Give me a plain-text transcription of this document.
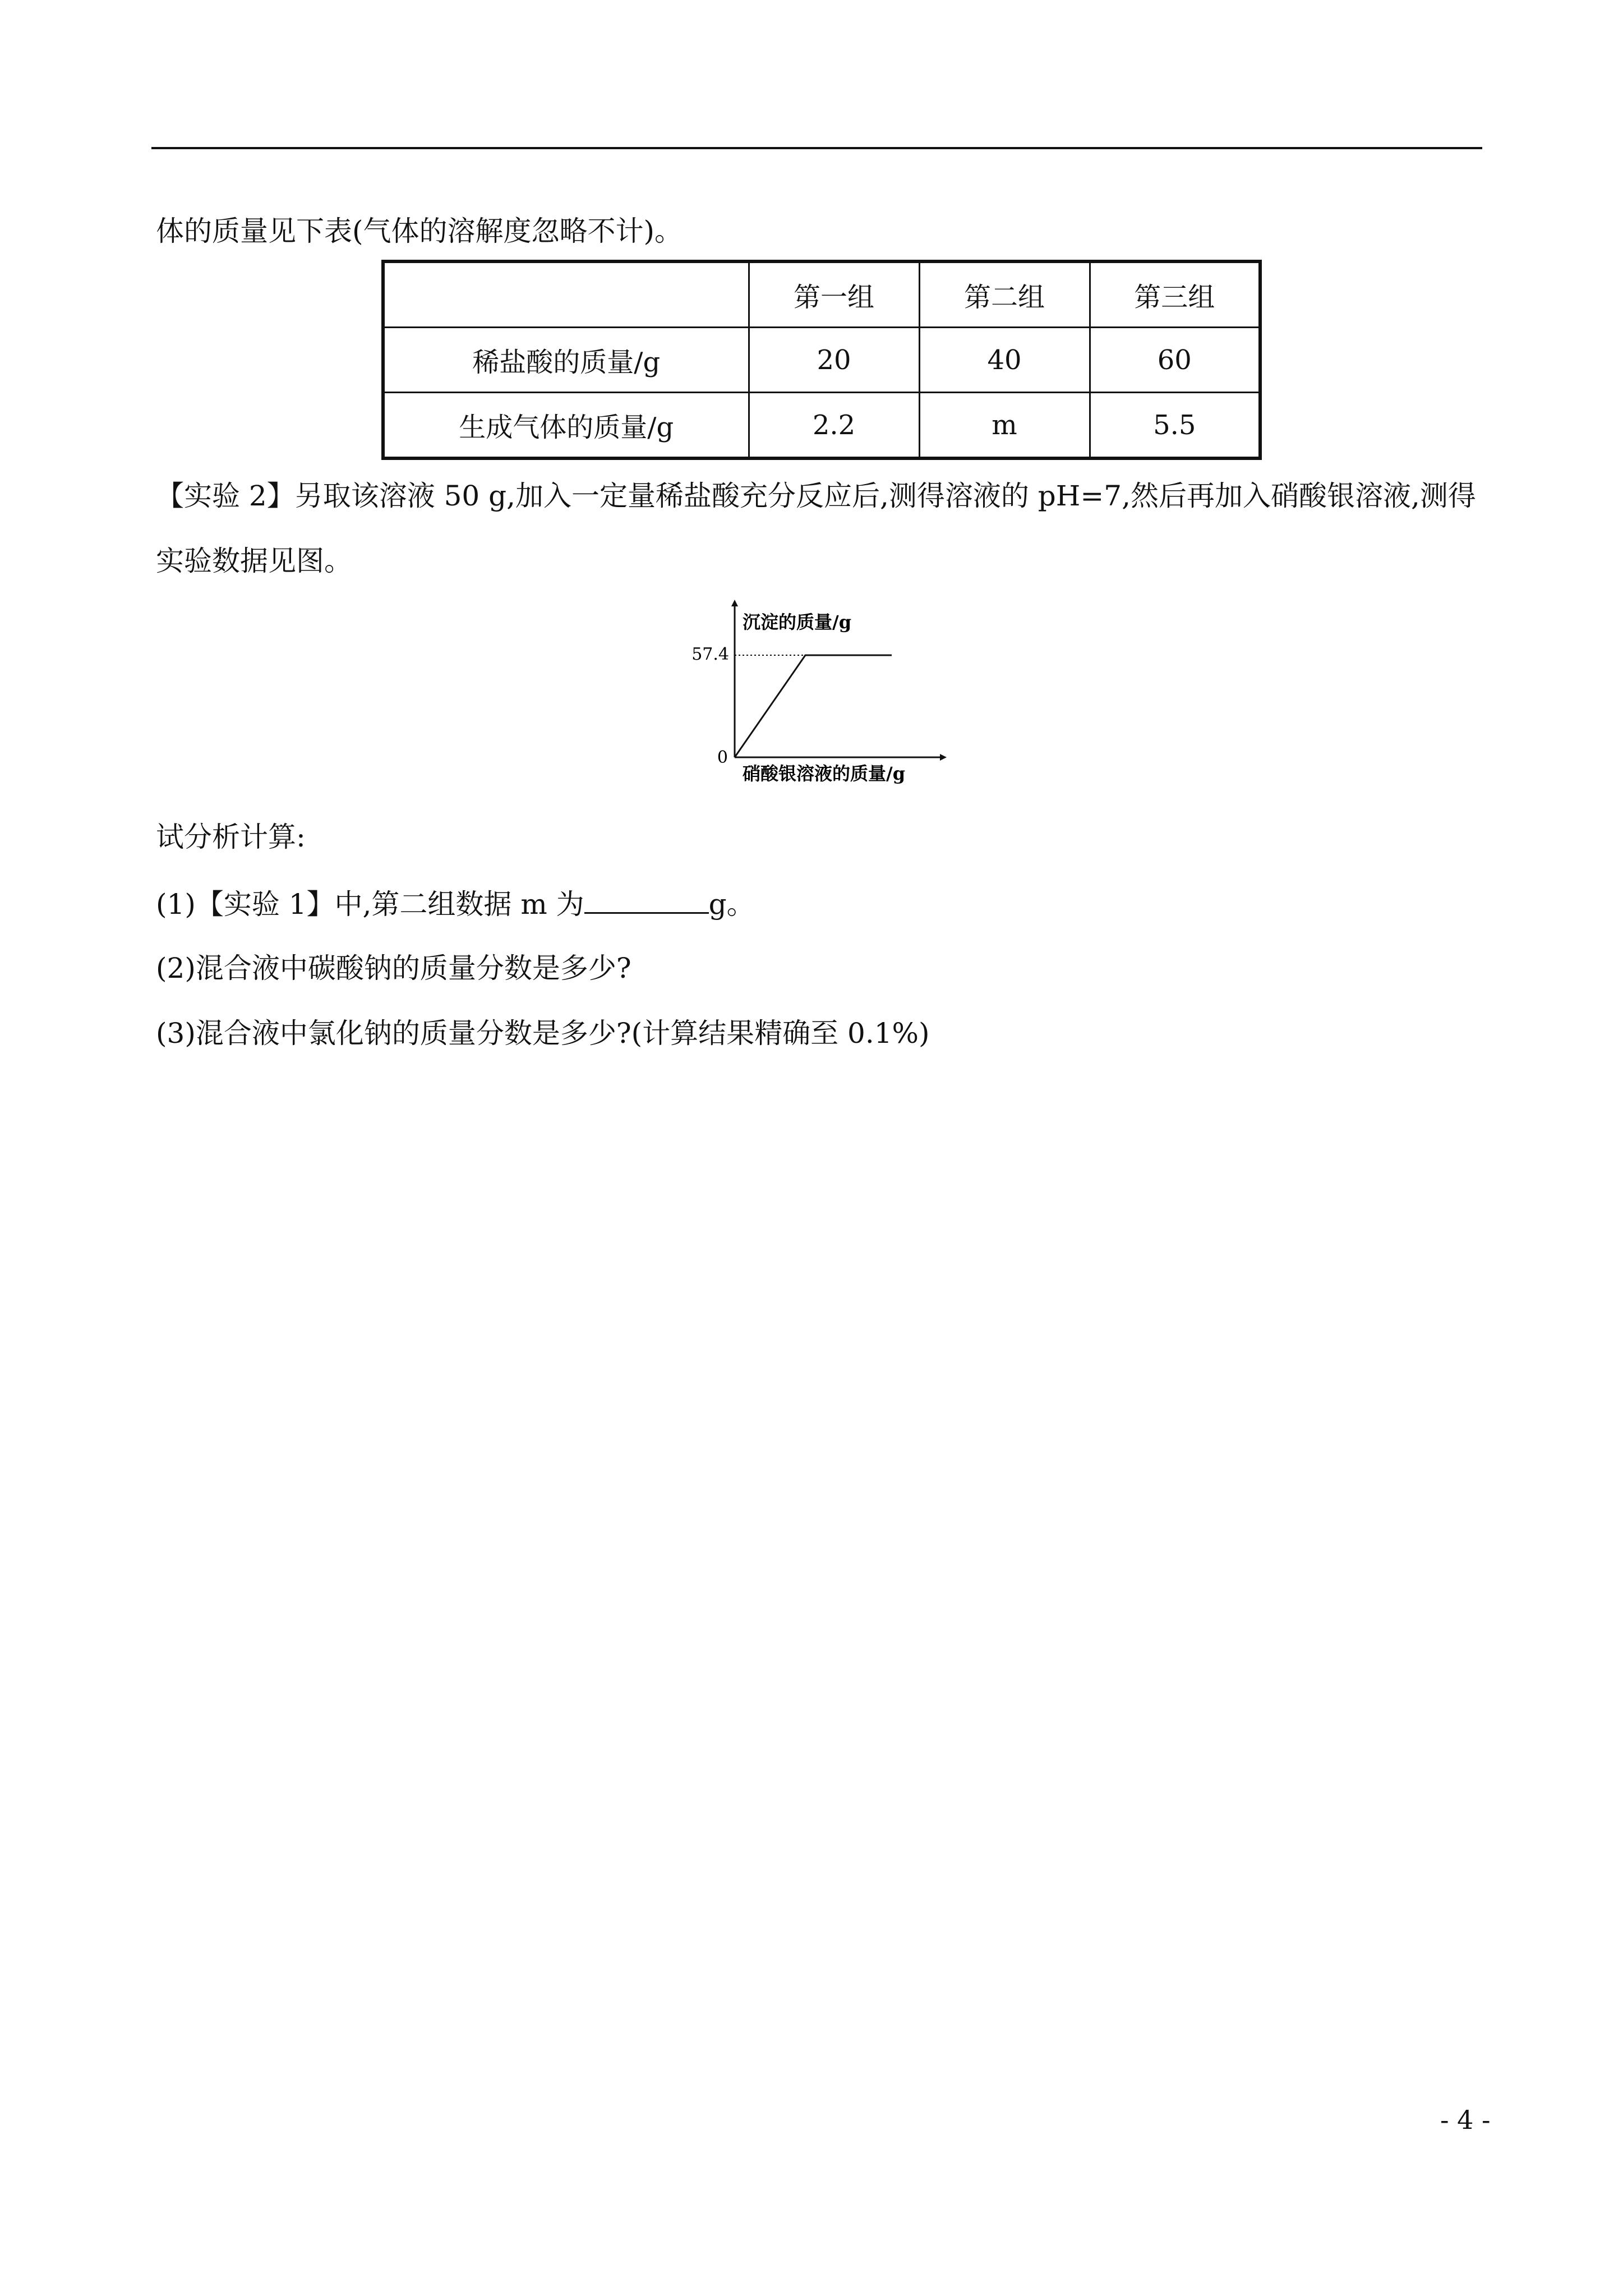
体的质量见下表(气体的溶解度忽略不计)。
	第一组	第二组	第三组
稀盐酸的质量/g	20	40	60
生成气体的质量/g	2.2	m	5.5
【实验 2】另取该溶液 50 g,加入一定量稀盐酸充分反应后,测得溶液的 pH=7,然后再加入硝酸银溶液,测得
实验数据见图。
57.4
0
沉淀的质量/g
硝酸银溶液的质量/g
试分析计算:
(1)【实验 1】中,第二组数据 m 为	g。
(2)混合液中碳酸钠的质量分数是多少?
(3)混合液中氯化钠的质量分数是多少?(计算结果精确至 0.1%)
- 4 -
